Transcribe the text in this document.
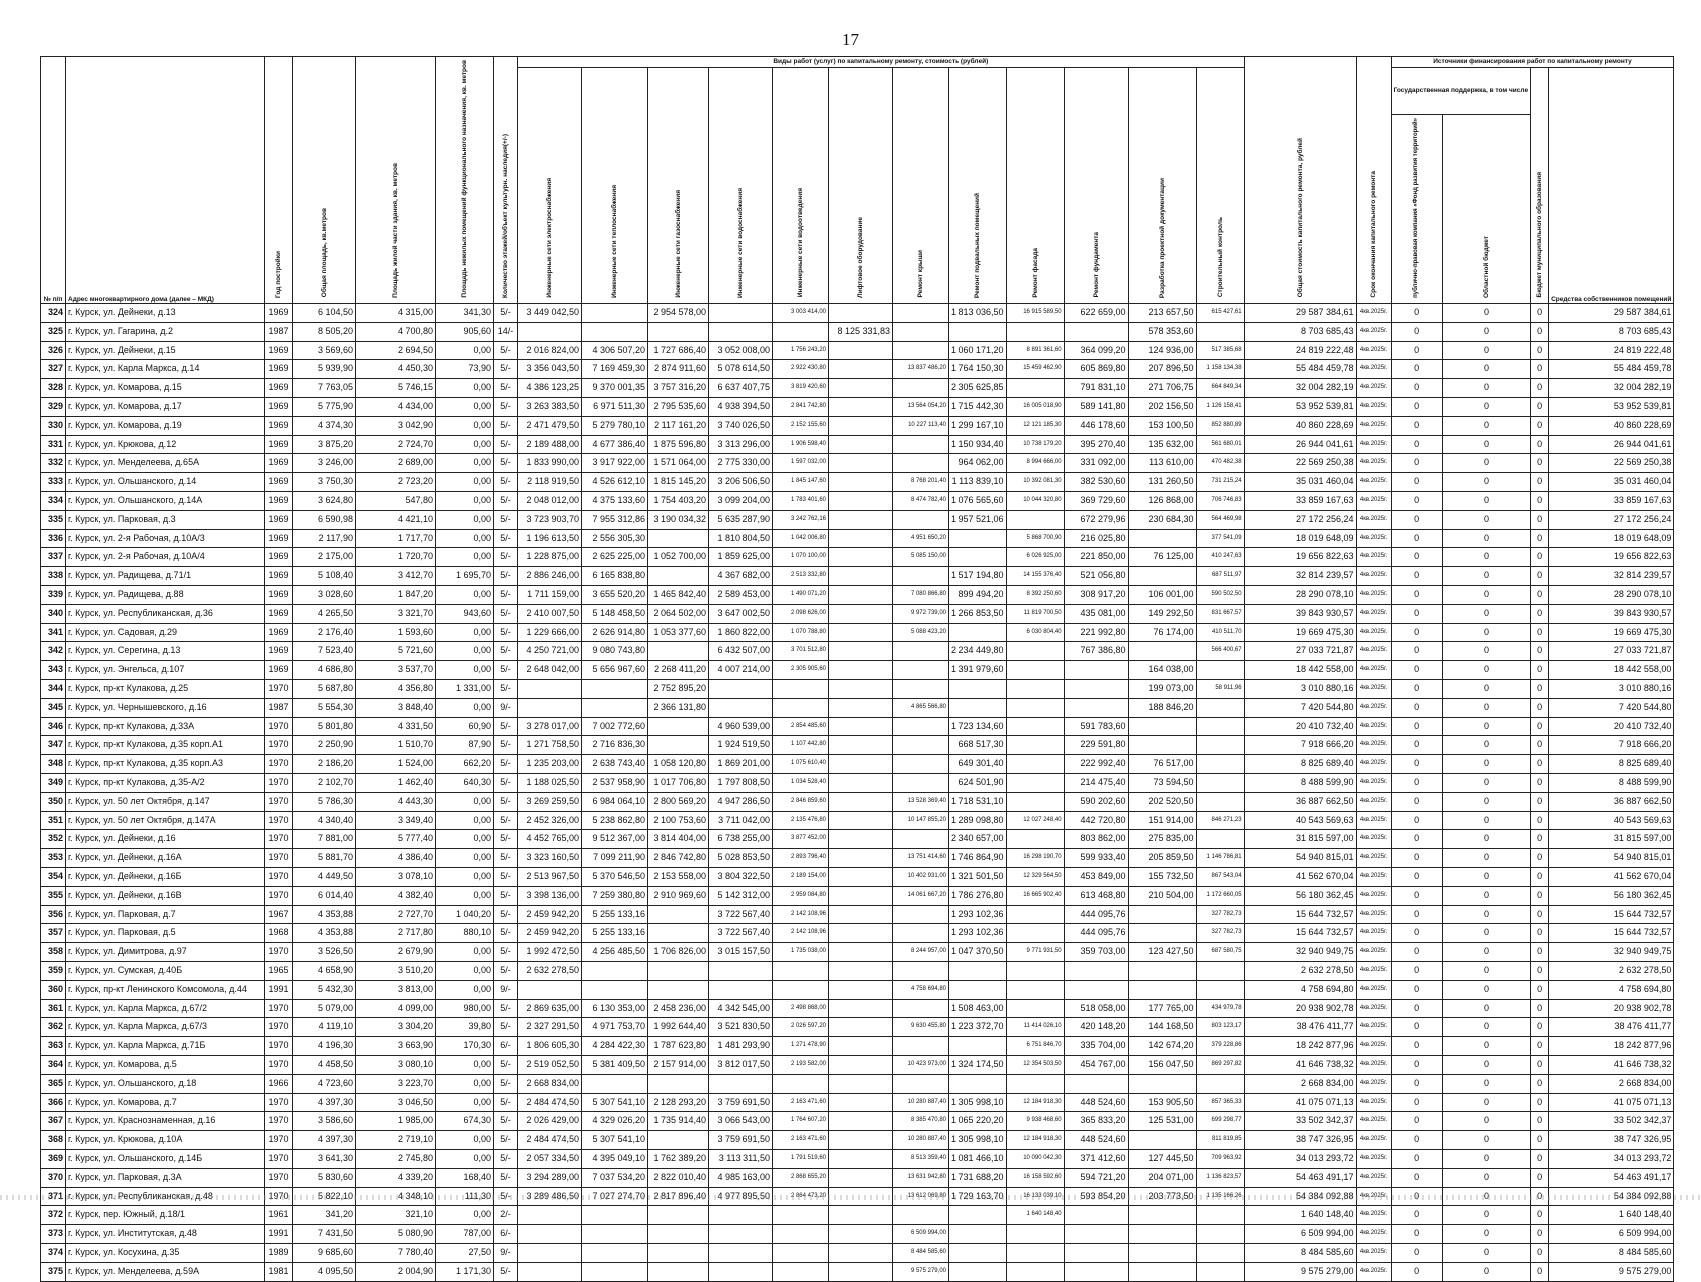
17
№ п/п	Адрес многоквартирного дома (далее – МКД)	Год постройки	Общая площадь, кв.метров	Площадь жилой части здания, кв. метров	Площадь нежилых помещений функционального назначения, кв. метров	Количество этажей/объект культурн. наследия(+/-)	Виды работ (услуг) по капитальному ремонту, стоимость (рублей)												Общая стоимость капитального ремонта, рублей	Срок окончания капитального ремонта	Источники финансирования работ по капитальному ремонту			
							Инженерные сети электроснабжения	Инженерные сети теплоснабжения	Инженерные сети газоснабжения	Инженерные сети водоснабжения	Инженерные сети водоотведения	Лифтовое оборудование	Ремонт крыши	Ремонт подвальных помещений	Ремонт фасада	Ремонт фундамента	Разработка проектной документации	Строительный контроль			Государственная поддержка, в том числе		Бюджет муниципального образования	Средства собственников помещений
																					публично-правовая компания «Фонд развития территорий»	Областной бюджет		
324	г. Курск, ул. Дейнеки, д.13	1969	6 104,50	4 315,00	341,30	5/-	3 449 042,50		2 954 578,00		3 003 414,00			1 813 036,50	16 915 589,50	622 659,00	213 657,50	615 427,61	29 587 384,61	4кв.2025г.	0	0	0	29 587 384,61
325	г. Курск, ул. Гагарина, д.2	1987	8 505,20	4 700,80	905,60	14/-						8 125 331,83					578 353,60		8 703 685,43	4кв.2025г.	0	0	0	8 703 685,43
326	г. Курск, ул. Дейнеки, д.15	1969	3 569,60	2 694,50	0,00	5/-	2 016 824,00	4 306 507,20	1 727 686,40	3 052 008,00	1 756 243,20			1 060 171,20	8 891 361,60	364 099,20	124 936,00	517 385,68	24 819 222,48	4кв.2025г.	0	0	0	24 819 222,48
327	г. Курск, ул. Карла Маркса, д.14	1969	5 939,90	4 450,30	73,90	5/-	3 356 043,50	7 169 459,30	2 874 911,60	5 078 614,50	2 922 430,80		13 837 486,20	1 764 150,30	15 459 462,90	605 869,80	207 896,50	1 158 134,38	55 484 459,78	4кв.2025г.	0	0	0	55 484 459,78
328	г. Курск, ул. Комарова, д.15	1969	7 763,05	5 746,15	0,00	5/-	4 386 123,25	9 370 001,35	3 757 316,20	6 637 407,75	3 819 420,60			2 305 625,85		791 831,10	271 706,75	664 849,34	32 004 282,19	4кв.2025г.	0	0	0	32 004 282,19
329	г. Курск, ул. Комарова, д.17	1969	5 775,90	4 434,00	0,00	5/-	3 263 383,50	6 971 511,30	2 795 535,60	4 938 394,50	2 841 742,80		13 564 054,20	1 715 442,30	16 005 018,90	589 141,80	202 156,50	1 126 158,41	53 952 539,81	4кв.2025г.	0	0	0	53 952 539,81
330	г. Курск, ул. Комарова, д.19	1969	4 374,30	3 042,90	0,00	5/-	2 471 479,50	5 279 780,10	2 117 161,20	3 740 026,50	2 152 155,60		10 227 113,40	1 299 167,10	12 121 185,30	446 178,60	153 100,50	852 880,89	40 860 228,69	4кв.2025г.	0	0	0	40 860 228,69
331	г. Курск, ул. Крюкова, д.12	1969	3 875,20	2 724,70	0,00	5/-	2 189 488,00	4 677 386,40	1 875 596,80	3 313 296,00	1 906 598,40			1 150 934,40	10 738 179,20	395 270,40	135 632,00	561 680,01	26 944 041,61	4кв.2025г.	0	0	0	26 944 041,61
332	г. Курск, ул. Менделеева, д.65А	1969	3 246,00	2 689,00	0,00	5/-	1 833 990,00	3 917 922,00	1 571 064,00	2 775 330,00	1 597 032,00			964 062,00	8 994 666,00	331 092,00	113 610,00	470 482,38	22 569 250,38	4кв.2025г.	0	0	0	22 569 250,38
333	г. Курск, ул. Ольшанского, д.14	1969	3 750,30	2 723,20	0,00	5/-	2 118 919,50	4 526 612,10	1 815 145,20	3 206 506,50	1 845 147,60		8 768 201,40	1 113 839,10	10 392 081,30	382 530,60	131 260,50	731 215,24	35 031 460,04	4кв.2025г.	0	0	0	35 031 460,04
334	г. Курск, ул. Ольшанского, д.14А	1969	3 624,80	547,80	0,00	5/-	2 048 012,00	4 375 133,60	1 754 403,20	3 099 204,00	1 783 401,60		8 474 782,40	1 076 565,60	10 044 320,80	369 729,60	126 868,00	706 746,83	33 859 167,63	4кв.2025г.	0	0	0	33 859 167,63
335	г. Курск, ул. Парковая, д.3	1969	6 590,98	4 421,10	0,00	5/-	3 723 903,70	7 955 312,86	3 190 034,32	5 635 287,90	3 242 762,16			1 957 521,06		672 279,96	230 684,30	564 469,98	27 172 256,24	4кв.2025г.	0	0	0	27 172 256,24
336	г. Курск, ул. 2-я Рабочая, д.10А/3	1969	2 117,90	1 717,70	0,00	5/-	1 196 613,50	2 556 305,30		1 810 804,50	1 042 006,80		4 951 650,20		5 868 700,90	216 025,80		377 541,09	18 019 648,09	4кв.2025г.	0	0	0	18 019 648,09
337	г. Курск, ул. 2-я Рабочая, д.10А/4	1969	2 175,00	1 720,70	0,00	5/-	1 228 875,00	2 625 225,00	1 052 700,00	1 859 625,00	1 070 100,00		5 085 150,00		6 026 925,00	221 850,00	76 125,00	410 247,63	19 656 822,63	4кв.2025г.	0	0	0	19 656 822,63
338	г. Курск, ул. Радищева, д.71/1	1969	5 108,40	3 412,70	1 695,70	5/-	2 886 246,00	6 165 838,80		4 367 682,00	2 513 332,80			1 517 194,80	14 155 376,40	521 056,80		687 511,97	32 814 239,57	4кв.2025г.	0	0	0	32 814 239,57
339	г. Курск, ул. Радищева, д.88	1969	3 028,60	1 847,20	0,00	5/-	1 711 159,00	3 655 520,20	1 465 842,40	2 589 453,00	1 490 071,20		7 080 866,80	899 494,20	8 392 250,60	308 917,20	106 001,00	590 502,50	28 290 078,10	4кв.2025г.	0	0	0	28 290 078,10
340	г. Курск, ул. Республиканская, д.36	1969	4 265,50	3 321,70	943,60	5/-	2 410 007,50	5 148 458,50	2 064 502,00	3 647 002,50	2 098 626,00		9 972 739,00	1 266 853,50	11 819 700,50	435 081,00	149 292,50	831 667,57	39 843 930,57	4кв.2025г.	0	0	0	39 843 930,57
341	г. Курск, ул. Садовая, д.29	1969	2 176,40	1 593,60	0,00	5/-	1 229 666,00	2 626 914,80	1 053 377,60	1 860 822,00	1 070 788,80		5 088 423,20		6 030 804,40	221 992,80	76 174,00	410 511,70	19 669 475,30	4кв.2025г.	0	0	0	19 669 475,30
342	г. Курск, ул. Серегина, д.13	1969	7 523,40	5 721,60	0,00	5/-	4 250 721,00	9 080 743,80		6 432 507,00	3 701 512,80			2 234 449,80		767 386,80		566 400,67	27 033 721,87	4кв.2025г.	0	0	0	27 033 721,87
343	г. Курск, ул. Энгельса, д.107	1969	4 686,80	3 537,70	0,00	5/-	2 648 042,00	5 656 967,60	2 268 411,20	4 007 214,00	2 305 905,60			1 391 979,60			164 038,00		18 442 558,00	4кв.2025г.	0	0	0	18 442 558,00
344	г. Курск, пр-кт Кулакова, д.25	1970	5 687,80	4 356,80	1 331,00	5/-			2 752 895,20								199 073,00	58 911,96	3 010 880,16	4кв.2025г.	0	0	0	3 010 880,16
345	г. Курск, ул. Чернышевского, д.16	1987	5 554,30	3 848,40	0,00	9/-			2 366 131,80				4 865 566,80				188 846,20		7 420 544,80	4кв.2025г.	0	0	0	7 420 544,80
346	г. Курск, пр-кт Кулакова, д.33А	1970	5 801,80	4 331,50	60,90	5/-	3 278 017,00	7 002 772,60		4 960 539,00	2 854 485,60			1 723 134,60		591 783,60			20 410 732,40	4кв.2025г.	0	0	0	20 410 732,40
347	г. Курск, пр-кт Кулакова, д.35 корп.А1	1970	2 250,90	1 510,70	87,90	5/-	1 271 758,50	2 716 836,30		1 924 519,50	1 107 442,80			668 517,30		229 591,80			7 918 666,20	4кв.2025г.	0	0	0	7 918 666,20
348	г. Курск, пр-кт Кулакова, д.35 корп.А3	1970	2 186,20	1 524,00	662,20	5/-	1 235 203,00	2 638 743,40	1 058 120,80	1 869 201,00	1 075 610,40			649 301,40		222 992,40	76 517,00		8 825 689,40	4кв.2025г.	0	0	0	8 825 689,40
349	г. Курск, пр-кт Кулакова, д.35-А/2	1970	2 102,70	1 462,40	640,30	5/-	1 188 025,50	2 537 958,90	1 017 706,80	1 797 808,50	1 034 528,40			624 501,90		214 475,40	73 594,50		8 488 599,90	4кв.2025г.	0	0	0	8 488 599,90
350	г. Курск, ул. 50 лет Октября, д.147	1970	5 786,30	4 443,30	0,00	5/-	3 269 259,50	6 984 064,10	2 800 569,20	4 947 286,50	2 846 859,60		13 528 369,40	1 718 531,10		590 202,60	202 520,50		36 887 662,50	4кв.2025г.	0	0	0	36 887 662,50
351	г. Курск, ул. 50 лет Октября, д.147А	1970	4 340,40	3 349,40	0,00	5/-	2 452 326,00	5 238 862,80	2 100 753,60	3 711 042,00	2 135 476,80		10 147 855,20	1 289 098,80	12 027 248,40	442 720,80	151 914,00	846 271,23	40 543 569,63	4кв.2025г.	0	0	0	40 543 569,63
352	г. Курск, ул. Дейнеки, д.16	1970	7 881,00	5 777,40	0,00	5/-	4 452 765,00	9 512 367,00	3 814 404,00	6 738 255,00	3 877 452,00			2 340 657,00		803 862,00	275 835,00		31 815 597,00	4кв.2025г.	0	0	0	31 815 597,00
353	г. Курск, ул. Дейнеки, д.16А	1970	5 881,70	4 386,40	0,00	5/-	3 323 160,50	7 099 211,90	2 846 742,80	5 028 853,50	2 893 796,40		13 751 414,60	1 746 864,90	16 298 190,70	599 933,40	205 859,50	1 146 786,81	54 940 815,01	4кв.2025г.	0	0	0	54 940 815,01
354	г. Курск, ул. Дейнеки, д.16Б	1970	4 449,50	3 078,10	0,00	5/-	2 513 967,50	5 370 546,50	2 153 558,00	3 804 322,50	2 189 154,00		10 402 931,00	1 321 501,50	12 329 564,50	453 849,00	155 732,50	867 543,04	41 562 670,04	4кв.2025г.	0	0	0	41 562 670,04
355	г. Курск, ул. Дейнеки, д.16В	1970	6 014,40	4 382,40	0,00	5/-	3 398 136,00	7 259 380,80	2 910 969,60	5 142 312,00	2 959 084,80		14 061 667,20	1 786 276,80	16 665 902,40	613 468,80	210 504,00	1 172 660,05	56 180 362,45	4кв.2025г.	0	0	0	56 180 362,45
356	г. Курск, ул. Парковая, д.7	1967	4 353,88	2 727,70	1 040,20	5/-	2 459 942,20	5 255 133,16		3 722 567,40	2 142 108,96			1 293 102,36		444 095,76		327 782,73	15 644 732,57	4кв.2025г.	0	0	0	15 644 732,57
357	г. Курск, ул. Парковая, д.5	1968	4 353,88	2 717,80	880,10	5/-	2 459 942,20	5 255 133,16		3 722 567,40	2 142 108,96			1 293 102,36		444 095,76		327 782,73	15 644 732,57	4кв.2025г.	0	0	0	15 644 732,57
358	г. Курск, ул. Димитрова, д.97	1970	3 526,50	2 679,90	0,00	5/-	1 992 472,50	4 256 485,50	1 706 826,00	3 015 157,50	1 735 038,00		8 244 957,00	1 047 370,50	9 771 931,50	359 703,00	123 427,50	687 580,75	32 940 949,75	4кв.2025г.	0	0	0	32 940 949,75
359	г. Курск, ул. Сумская, д.40Б	1965	4 658,90	3 510,20	0,00	5/-	2 632 278,50												2 632 278,50	4кв.2025г.	0	0	0	2 632 278,50
360	г. Курск, пр-кт Ленинского Комсомола, д.44	1991	5 432,30	3 813,00	0,00	9/-							4 758 694,80						4 758 694,80	4кв.2025г.	0	0	0	4 758 694,80
361	г. Курск, ул. Карла Маркса, д.67/2	1970	5 079,00	4 099,00	980,00	5/-	2 869 635,00	6 130 353,00	2 458 236,00	4 342 545,00	2 498 868,00			1 508 463,00		518 058,00	177 765,00	434 979,78	20 938 902,78	4кв.2025г.	0	0	0	20 938 902,78
362	г. Курск, ул. Карла Маркса, д.67/3	1970	4 119,10	3 304,20	39,80	5/-	2 327 291,50	4 971 753,70	1 992 644,40	3 521 830,50	2 026 597,20		9 630 455,80	1 223 372,70	11 414 026,10	420 148,20	144 168,50	803 123,17	38 476 411,77	4кв.2025г.	0	0	0	38 476 411,77
363	г. Курск, ул. Карла Маркса, д.71Б	1970	4 196,30	3 663,90	170,30	6/-	1 806 605,30	4 284 422,30	1 787 623,80	1 481 293,90	1 271 478,90				6 751 846,70	335 704,00	142 674,20	379 228,86	18 242 877,96	4кв.2025г.	0	0	0	18 242 877,96
364	г. Курск, ул. Комарова, д.5	1970	4 458,50	3 080,10	0,00	5/-	2 519 052,50	5 381 409,50	2 157 914,00	3 812 017,50	2 193 582,00		10 423 973,00	1 324 174,50	12 354 503,50	454 767,00	156 047,50	869 297,82	41 646 738,32	4кв.2025г.	0	0	0	41 646 738,32
365	г. Курск, ул. Ольшанского, д.18	1966	4 723,60	3 223,70	0,00	5/-	2 668 834,00												2 668 834,00	4кв.2025г.	0	0	0	2 668 834,00
366	г. Курск, ул. Комарова, д.7	1970	4 397,30	3 046,50	0,00	5/-	2 484 474,50	5 307 541,10	2 128 293,20	3 759 691,50	2 163 471,60		10 280 887,40	1 305 998,10	12 184 918,30	448 524,60	153 905,50	857 365,33	41 075 071,13	4кв.2025г.	0	0	0	41 075 071,13
367	г. Курск, ул. Краснознаменная, д.16	1970	3 586,60	1 985,00	674,30	5/-	2 026 429,00	4 329 026,20	1 735 914,40	3 066 543,00	1 764 607,20		8 385 470,80	1 065 220,20	9 938 468,60	365 833,20	125 531,00	699 298,77	33 502 342,37	4кв.2025г.	0	0	0	33 502 342,37
368	г. Курск, ул. Крюкова, д.10А	1970	4 397,30	2 719,10	0,00	5/-	2 484 474,50	5 307 541,10		3 759 691,50	2 163 471,60		10 280 887,40	1 305 998,10	12 184 918,30	448 524,60		811 819,85	38 747 326,95	4кв.2025г.	0	0	0	38 747 326,95
369	г. Курск, ул. Ольшанского, д.14Б	1970	3 641,30	2 745,80	0,00	5/-	2 057 334,50	4 395 049,10	1 762 389,20	3 113 311,50	1 791 519,60		8 513 359,40	1 081 466,10	10 090 042,30	371 412,60	127 445,50	709 963,92	34 013 293,72	4кв.2025г.	0	0	0	34 013 293,72
370	г. Курск, ул. Парковая, д.3А	1970	5 830,60	4 339,20	168,40	5/-	3 294 289,00	7 037 534,20	2 822 010,40	4 985 163,00	2 868 655,20		13 631 942,80	1 731 688,20	16 158 592,60	594 721,20	204 071,00	1 136 823,57	54 463 491,17	4кв.2025г.	0	0	0	54 463 491,17
371	г. Курск, ул. Республиканская, д.48	1970	5 822,10	4 348,10	111,30	5/-	3 289 486,50	7 027 274,70	2 817 896,40	4 977 895,50	2 864 473,20		13 612 069,80	1 729 163,70	16 133 039,10	593 854,20	203 773,50	1 135 166,26	54 384 092,88	4кв.2025г.	0	0	0	54 384 092,88
372	г. Курск, пер. Южный, д.18/1	1961	341,20	321,10	0,00	2/-									1 640 148,40				1 640 148,40	4кв.2025г.	0	0	0	1 640 148,40
373	г. Курск, ул. Институтская, д.48	1991	7 431,50	5 080,90	787,00	6/-							6 509 994,00						6 509 994,00	4кв.2025г.	0	0	0	6 509 994,00
374	г. Курск, ул. Косухина, д.35	1989	9 685,60	7 780,40	27,50	9/-							8 484 585,60						8 484 585,60	4кв.2025г.	0	0	0	8 484 585,60
375	г. Курск, ул. Менделеева, д.59А	1981	4 095,50	2 004,90	1 171,30	5/-							9 575 279,00						9 575 279,00	4кв.2025г.	0	0	0	9 575 279,00
